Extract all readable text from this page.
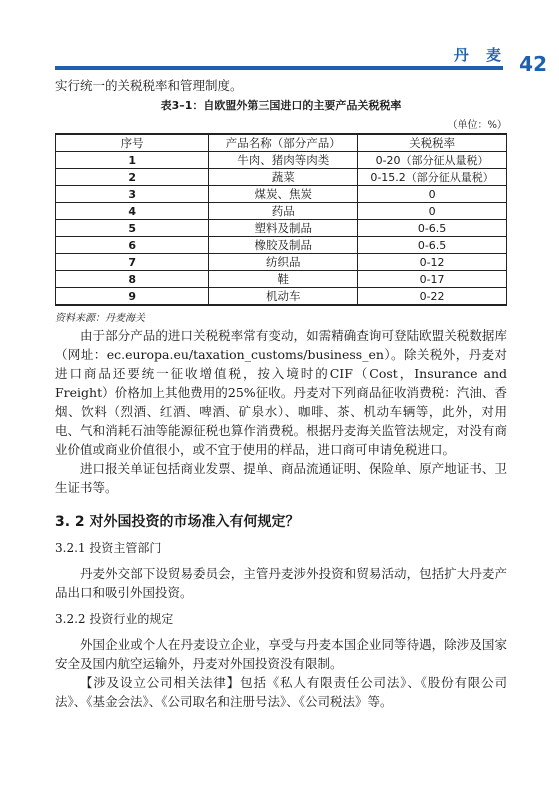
丹 麦 42

实行统一的关税税率和管理制度。

表3–1：自欧盟外第三国进口的主要产品关税税率
（单位：%）
序号	产品名称（部分产品）	关税税率
1	牛肉、猪肉等肉类	0-20（部分征从量税）
2	蔬菜	0-15.2（部分征从量税）
3	煤炭、焦炭	0
4	药品	0
5	塑料及制品	0-6.5
6	橡胶及制品	0-6.5
7	纺织品	0-12
8	鞋	0-17
9	机动车	0-22
资料来源：丹麦海关

由于部分产品的进口关税税率常有变动，如需精确查询可登陆欧盟关税数据库（网址：ec.europa.eu/taxation_customs/business_en）。除关税外，丹麦对进口商品还要统一征收增值税，按入境时的CIF（Cost，Insurance and Freight）价格加上其他费用的25%征收。丹麦对下列商品征收消费税：汽油、香烟、饮料（烈酒、红酒、啤酒、矿泉水）、咖啡、茶、机动车辆等，此外，对用电、气和消耗石油等能源征税也算作消费税。根据丹麦海关监管法规定，对没有商业价值或商业价值很小，或不宜于使用的样品，进口商可申请免税进口。

进口报关单证包括商业发票、提单、商品流通证明、保险单、原产地证书、卫生证书等。

3. 2 对外国投资的市场准入有何规定？
3.2.1 投资主管部门

丹麦外交部下设贸易委员会，主管丹麦涉外投资和贸易活动，包括扩大丹麦产品出口和吸引外国投资。

3.2.2 投资行业的规定

外国企业或个人在丹麦设立企业，享受与丹麦本国企业同等待遇，除涉及国家安全及国内航空运输外，丹麦对外国投资没有限制。

【涉及设立公司相关法律】包括《私人有限责任公司法》、《股份有限公司法》、《基金会法》、《公司取名和注册号法》、《公司税法》等。
